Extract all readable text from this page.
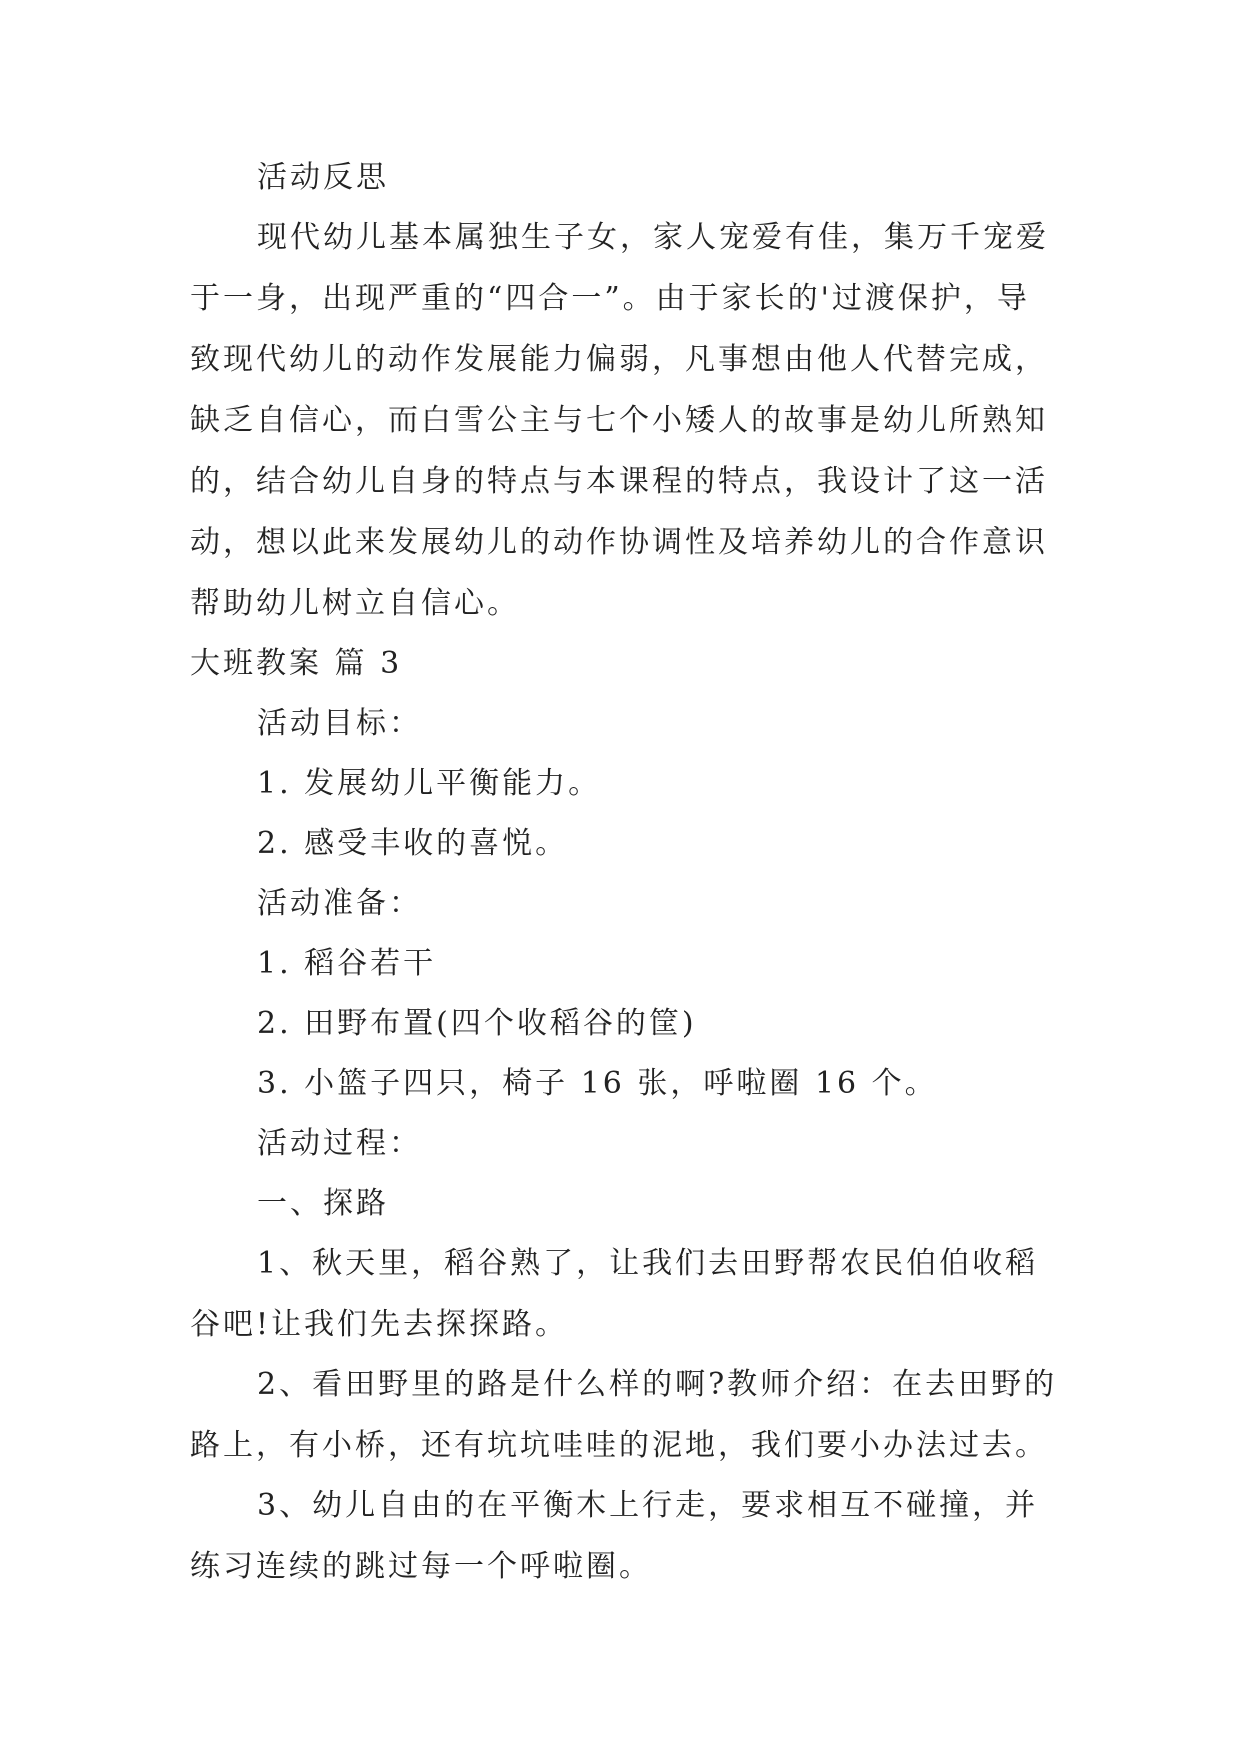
活动反思

现代幼儿基本属独生子女，家人宠爱有佳，集万千宠爱

于一身，出现严重的“四合一”。由于家长的'过渡保护，导

致现代幼儿的动作发展能力偏弱，凡事想由他人代替完成，

缺乏自信心，而白雪公主与七个小矮人的故事是幼儿所熟知

的，结合幼儿自身的特点与本课程的特点，我设计了这一活

动，想以此来发展幼儿的动作协调性及培养幼儿的合作意识

帮助幼儿树立自信心。

大班教案 篇 3

活动目标：

1. 发展幼儿平衡能力。

2. 感受丰收的喜悦。

活动准备：

1. 稻谷若干

2. 田野布置(四个收稻谷的筐)

3. 小篮子四只，椅子 16 张，呼啦圈 16 个。

活动过程：

一、探路

1、秋天里，稻谷熟了，让我们去田野帮农民伯伯收稻

谷吧!让我们先去探探路。

2、看田野里的路是什么样的啊?教师介绍：在去田野的

路上，有小桥，还有坑坑哇哇的泥地，我们要小办法过去。

3、幼儿自由的在平衡木上行走，要求相互不碰撞，并

练习连续的跳过每一个呼啦圈。
